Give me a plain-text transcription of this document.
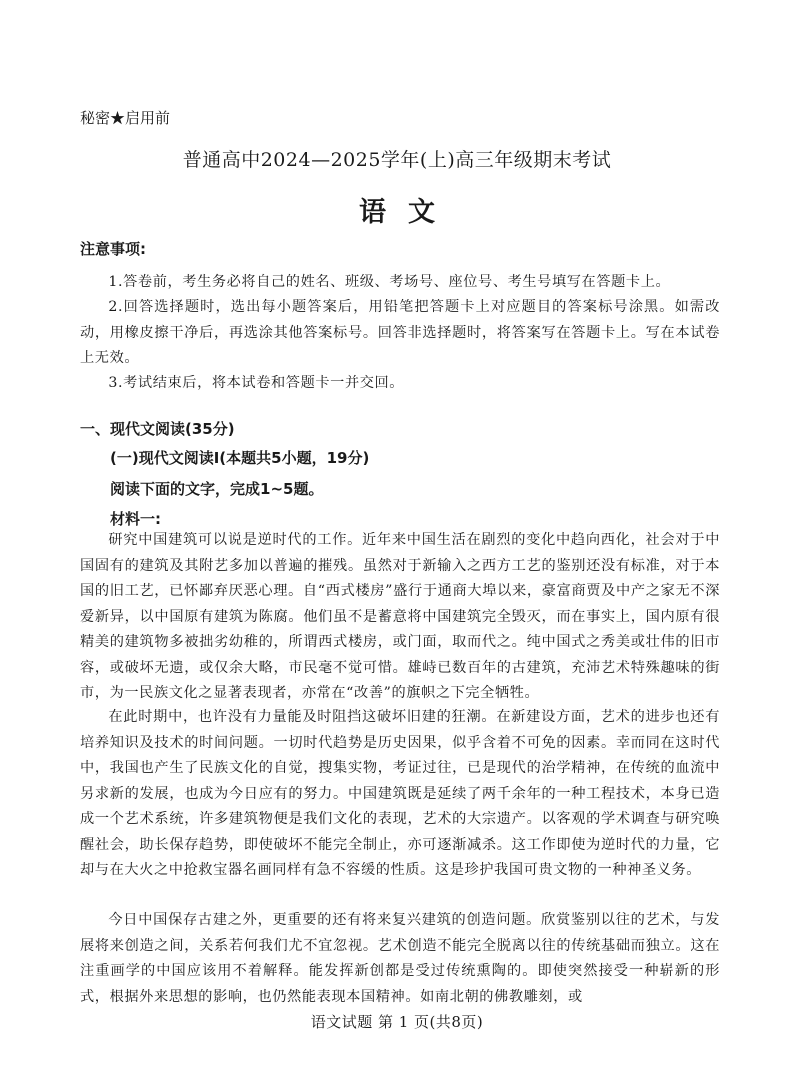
秘密★启用前
普通高中2024—2025学年(上)高三年级期末考试
语文
注意事项:
1.答卷前，考生务必将自己的姓名、班级、考场号、座位号、考生号填写在答题卡上。
2.回答选择题时，选出每小题答案后，用铅笔把答题卡上对应题目的答案标号涂黑。如需改动，用橡皮擦干净后，再选涂其他答案标号。回答非选择题时，将答案写在答题卡上。写在本试卷上无效。
3.考试结束后，将本试卷和答题卡一并交回。
一、现代文阅读(35分)
(一)现代文阅读Ⅰ(本题共5小题，19分)
阅读下面的文字，完成1~5题。
材料一:
研究中国建筑可以说是逆时代的工作。近年来中国生活在剧烈的变化中趋向西化，社会对于中国固有的建筑及其附艺多加以普遍的摧残。虽然对于新输入之西方工艺的鉴别还没有标准，对于本国的旧工艺，已怀鄙弃厌恶心理。自“西式楼房”盛行于通商大埠以来，豪富商贾及中产之家无不深爱新异，以中国原有建筑为陈腐。他们虽不是蓄意将中国建筑完全毁灭，而在事实上，国内原有很精美的建筑物多被拙劣幼稚的，所谓西式楼房，或门面，取而代之。纯中国式之秀美或壮伟的旧市容，或破坏无遗，或仅余大略，市民毫不觉可惜。雄峙已数百年的古建筑，充沛艺术特殊趣味的街市，为一民族文化之显著表现者，亦常在“改善”的旗帜之下完全牺牲。
在此时期中，也许没有力量能及时阻挡这破坏旧建的狂潮。在新建设方面，艺术的进步也还有培养知识及技术的时间问题。一切时代趋势是历史因果，似乎含着不可免的因素。幸而同在这时代中，我国也产生了民族文化的自觉，搜集实物，考证过往，已是现代的治学精神，在传统的血流中另求新的发展，也成为今日应有的努力。中国建筑既是延续了两千余年的一种工程技术，本身已造成一个艺术系统，许多建筑物便是我们文化的表现，艺术的大宗遗产。以客观的学术调查与研究唤醒社会，助长保存趋势，即使破坏不能完全制止，亦可逐渐减杀。这工作即使为逆时代的力量，它却与在大火之中抢救宝器名画同样有急不容缓的性质。这是珍护我国可贵文物的一种神圣义务。
今日中国保存古建之外，更重要的还有将来复兴建筑的创造问题。欣赏鉴别以往的艺术，与发展将来创造之间，关系若何我们尤不宜忽视。艺术创造不能完全脱离以往的传统基础而独立。这在注重画学的中国应该用不着解释。能发挥新创都是受过传统熏陶的。即使突然接受一种崭新的形式，根据外来思想的影响，也仍然能表现本国精神。如南北朝的佛教雕刻，或
语文试题 第 1 页(共8页)
